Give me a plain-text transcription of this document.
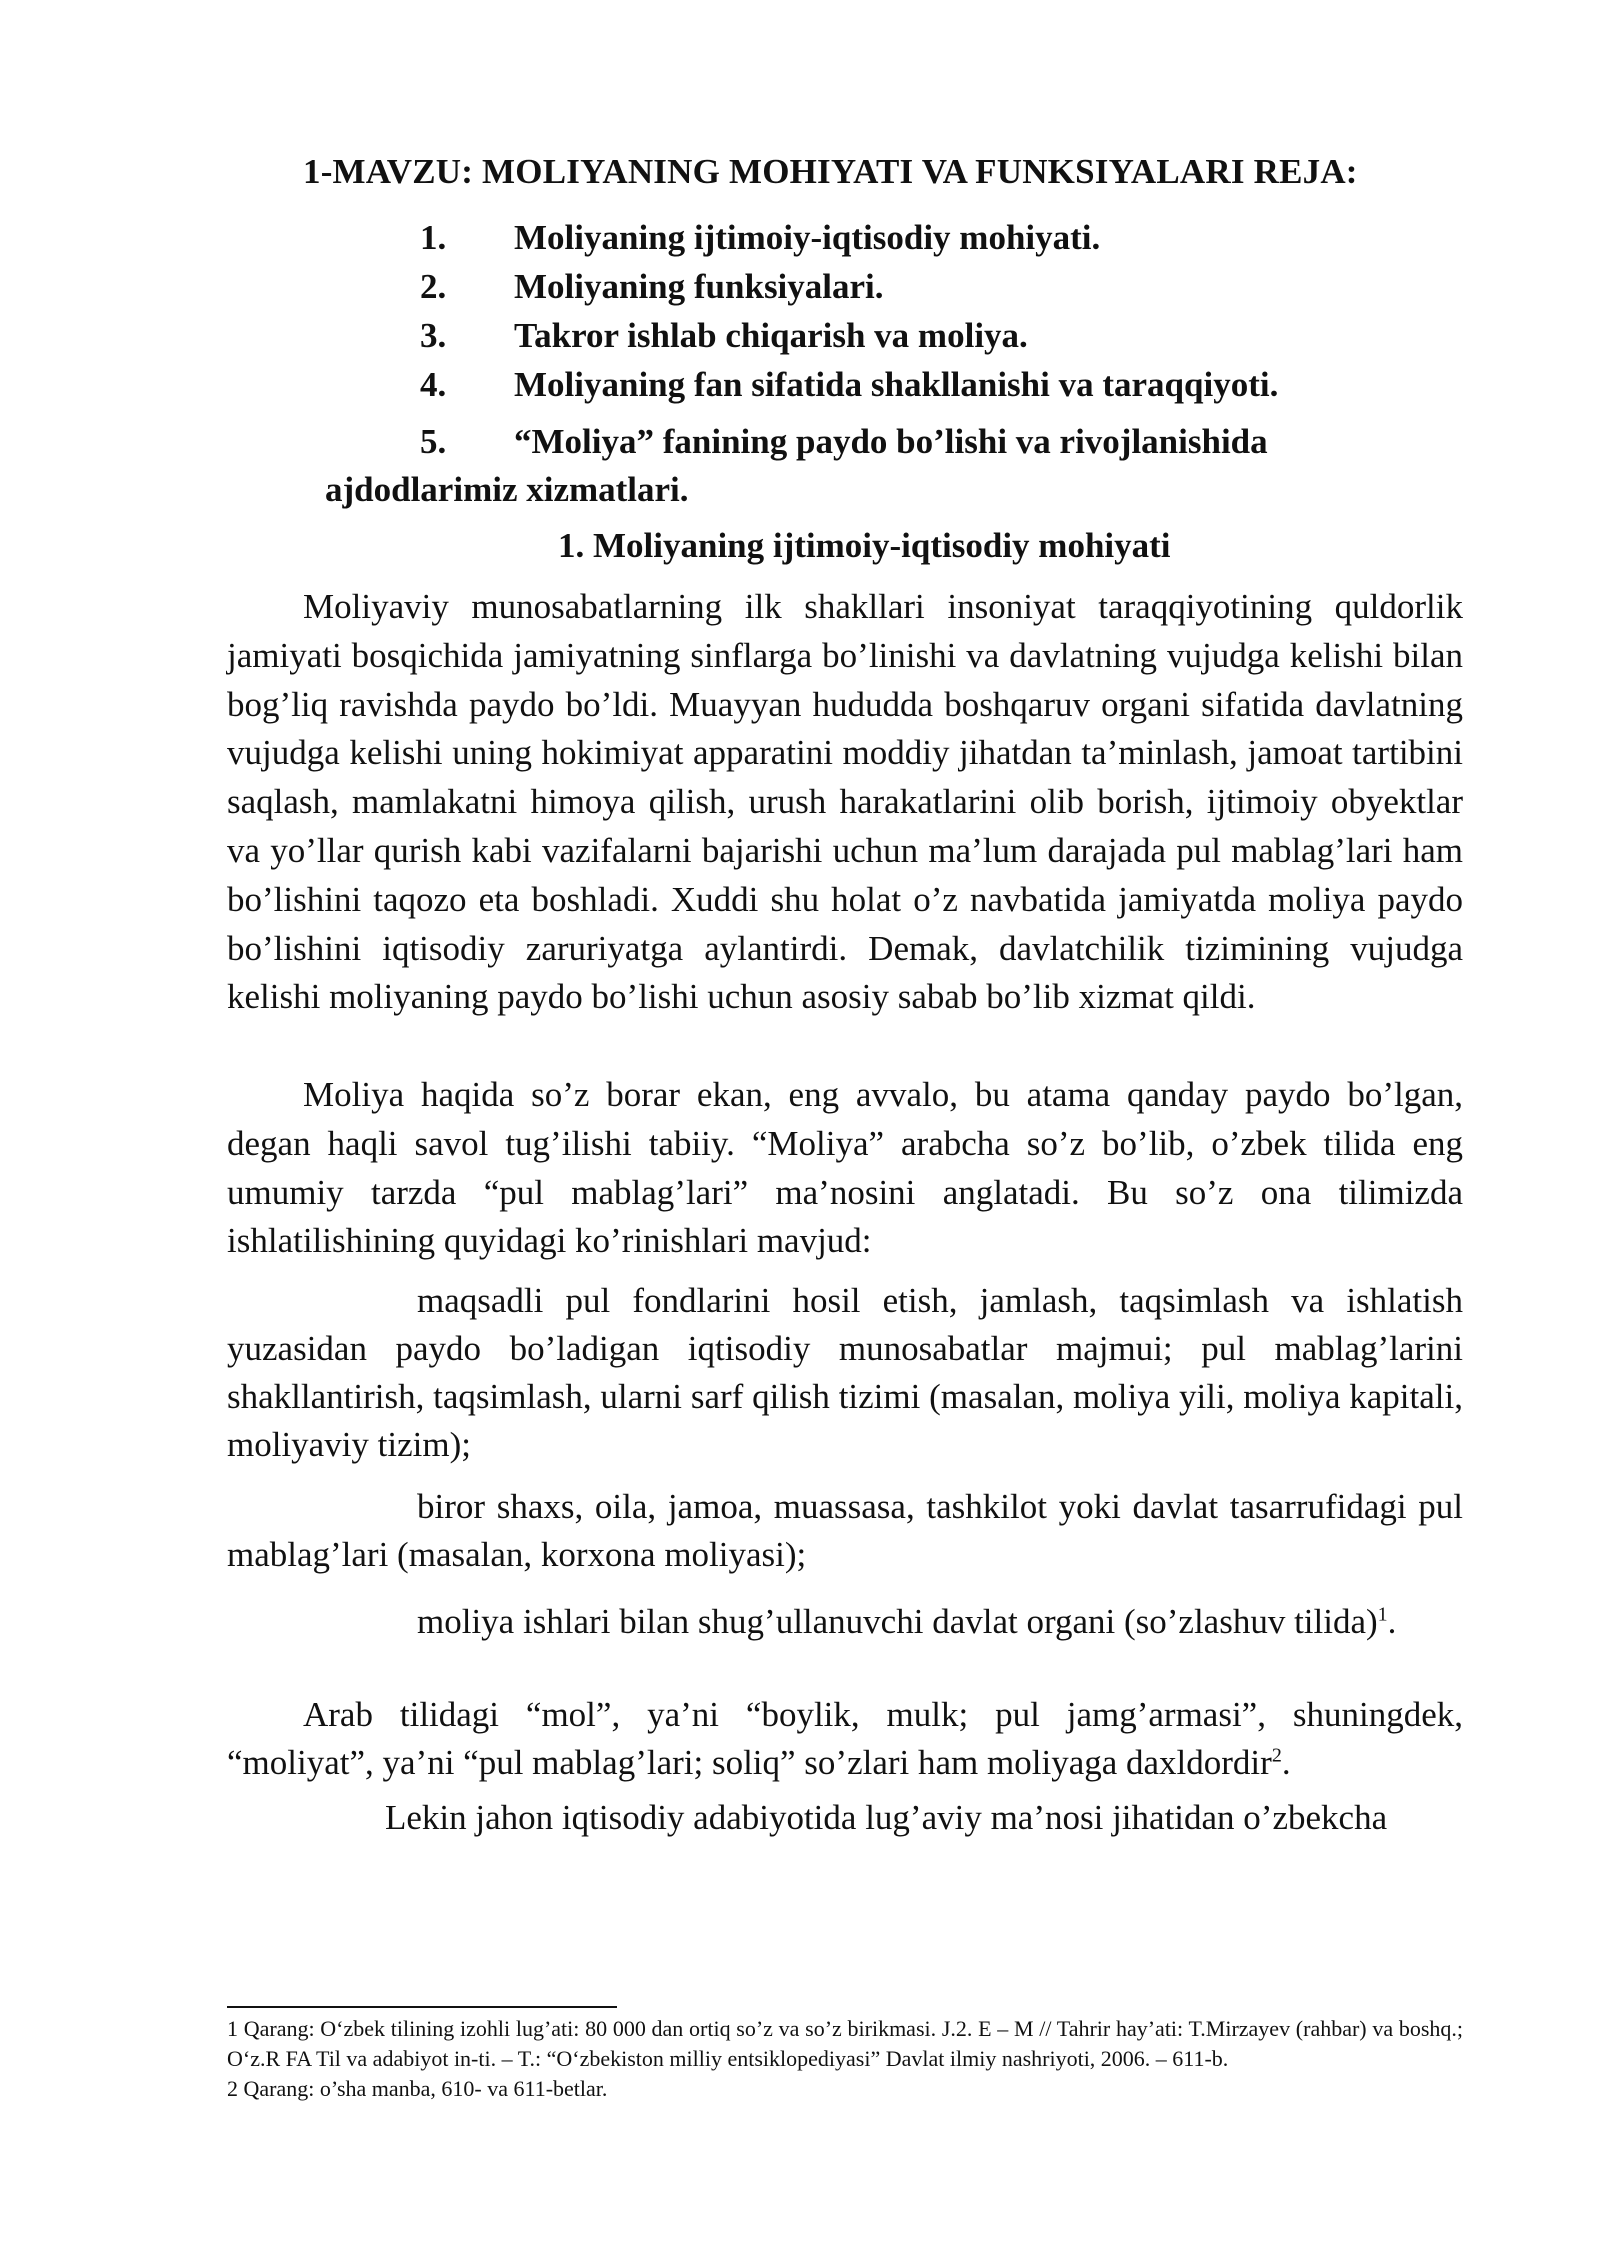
1-MAVZU: MOLIYANING MOHIYATI VA FUNKSIYALARI REJA:
1. Moliyaning ijtimoiy-iqtisodiy mohiyati.
2. Moliyaning funksiyalari.
3. Takror ishlab chiqarish va moliya.
4. Moliyaning fan sifatida shakllanishi va taraqqiyoti.
5. “Moliya” fanining paydo bo’lishi va rivojlanishida
ajdodlarimiz xizmatlari.
1. Moliyaning ijtimoiy-iqtisodiy mohiyati

Moliyaviy munosabatlarning ilk shakllari insoniyat taraqqiyotining quldorlik jamiyati bosqichida jamiyatning sinflarga bo’linishi va davlatning vujudga kelishi bilan bog’liq ravishda paydo bo’ldi. Muayyan hududda boshqaruv organi sifatida davlatning vujudga kelishi uning hokimiyat apparatini moddiy jihatdan ta’minlash, jamoat tartibini saqlash, mamlakatni himoya qilish, urush harakatlarini olib borish, ijtimoiy obyektlar va yo’llar qurish kabi vazifalarni bajarishi uchun ma’lum darajada pul mablag’lari ham bo’lishini taqozo eta boshladi. Xuddi shu holat o’z navbatida jamiyatda moliya paydo bo’lishini iqtisodiy zaruriyatga aylantirdi. Demak, davlatchilik tizimining vujudga kelishi moliyaning paydo bo’lishi uchun asosiy sabab bo’lib xizmat qildi.

Moliya haqida so’z borar ekan, eng avvalo, bu atama qanday paydo bo’lgan, degan haqli savol tug’ilishi tabiiy. “Moliya” arabcha so’z bo’lib, o’zbek tilida eng umumiy tarzda “pul mablag’lari” ma’nosini anglatadi. Bu so’z ona tilimizda ishlatilishining quyidagi ko’rinishlari mavjud:

maqsadli pul fondlarini hosil etish, jamlash, taqsimlash va ishlatish yuzasidan paydo bo’ladigan iqtisodiy munosabatlar majmui; pul mablag’larini shakllantirish, taqsimlash, ularni sarf qilish tizimi (masalan, moliya yili, moliya kapitali, moliyaviy tizim);
biror shaxs, oila, jamoa, muassasa, tashkilot yoki davlat tasarrufidagi pul mablag’lari (masalan, korxona moliyasi);
moliya ishlari bilan shug’ullanuvchi davlat organi (so’zlashuv tilida)$^1$.

Arab tilidagi “mol”, ya’ni “boylik, mulk; pul jamg’armasi”, shuningdek, “moliyat”, ya’ni “pul mablag’lari; soliq” so’zlari ham moliyaga daxldordir$^2$.

Lekin jahon iqtisodiy adabiyotida lug’aviy ma’nosi jihatidan o’zbekcha
1 Qarang: O‘zbek tilining izohli lug’ati: 80 000 dan ortiq so’z va so’z birikmasi. J.2. E – M // Tahrir hay’ati: T.Mirzayev (rahbar) va boshq.; O‘z.R FA Til va adabiyot in-ti. – T.: “O‘zbekiston milliy entsiklopediyasi” Davlat ilmiy nashriyoti, 2006. – 611-b.
2 Qarang: o’sha manba, 610- va 611-betlar.
